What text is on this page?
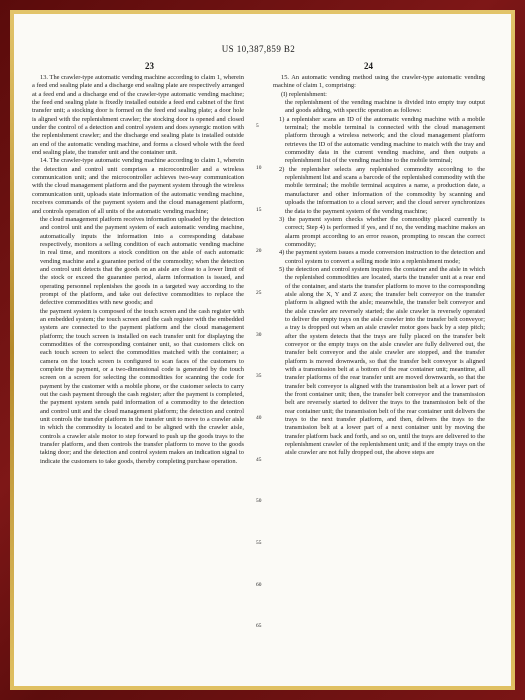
US 10,387,859 B2
23	24

13. The crawler-type automatic vending machine according to claim 1, wherein a feed end sealing plate and a discharge end sealing plate are respectively arranged at a feed end and a discharge end of the crawler-type automatic vending machine; the feed end sealing plate is fixedly installed outside a feed end cabinet of the first transfer unit; a stocking door is formed on the feed end sealing plate; a door hole is aligned with the replenishment crawler; the stocking door is opened and closed under the control of a detection and control system and does synergic motion with the replenishment crawler; and the discharge end sealing plate is installed outside an end of the automatic vending machine, and forms a closed whole with the feed end sealing plate, the transfer unit and the container unit.

14. The crawler-type automatic vending machine according to claim 1, wherein the detection and control unit comprises a microcontroller and a wireless communication unit; and the microcontroller achieves two-way communication with the cloud management platform and the payment system through the wireless communication unit, uploads state information of the automatic vending machine, receives commands of the payment system and the cloud management platform, and controls operation of all units of the automatic vending machine;

the cloud management platform receives information uploaded by the detection and control unit and the payment system of each automatic vending machine, automatically inputs the information into a corresponding database respectively, monitors a selling condition of each automatic vending machine in real time, and monitors a stock condition on the aisle of each automatic vending machine and a guarantee period of the commodity; when the detection and control unit detects that the goods on an aisle are close to a lower limit of the stock or exceed the guarantee period, alarm information is issued, and operating personnel replenishes the goods in a targeted way according to the prompt of the platform, and take out defective commodities to replace the defective commodities with new goods; and

the payment system is composed of the touch screen and the cash register with an embedded system; the touch screen and the cash register with the embedded system are connected to the payment platform and the cloud management platform; the touch screen is installed on each transfer unit for displaying the commodities of the corresponding container unit, so that customers click on each touch screen to select the commodities matched with the container; a camera on the touch screen is configured to scan faces of the customers to complete the payment, or a two-dimensional code is generated by the touch screen on a screen for selecting the commodities for scanning the code for payment by the customer with a mobile phone, or the customer selects to carry out the cash payment through the cash register; after the payment is completed, the payment system sends paid information of a commodity to the detection and control unit and the cloud management platform; the detection and control unit controls the transfer platform in the transfer unit to move to a crawler aisle in which the commodity is located and to be aligned with the crawler aisle, controls a crawler aisle motor to step forward to push up the goods trays to the transfer platform, and then controls the transfer platform to move to the goods taking door; and the detection and control system makes an indication signal to indicate the customers to take goods, thereby completing purchase operation.

5
10
15
20
25
30
35
40
45
50
55
60
65

15. An automatic vending method using the crawler-type automatic vending machine of claim 1, comprising:

(I) replenishment:

the replenishment of the vending machine is divided into empty tray output and goods adding, with specific operation as follows:

1) a replenisher scans an ID of the automatic vending machine with a mobile terminal; the mobile terminal is connected with the cloud management platform through a wireless network; and the cloud management platform retrieves the ID of the automatic vending machine to match with the tray and commodity data in the current vending machine, and then outputs a replenishment list of the vending machine to the mobile terminal;

2) the replenisher selects any replenished commodity according to the replenishment list and scans a barcode of the replenished commodity with the mobile terminal; the mobile terminal acquires a name, a production date, a manufacturer and other information of the commodity by scanning and uploads the information to a cloud server; and the cloud server synchronizes the data to the payment system of the vending machine;

3) the payment system checks whether the commodity placed currently is correct; Step 4) is performed if yes, and if no, the vending machine makes an alarm prompt according to an error reason, prompting to rescan the correct commodity;

4) the payment system issues a mode conversion instruction to the detection and control system to convert a selling mode into a replenishment mode;

5) the detection and control system inquires the container and the aisle in which the replenished commodities are located, starts the transfer unit at a rear end of the container, and starts the transfer platform to move to the corresponding aisle along the X, Y and Z axes; the transfer belt conveyor on the transfer platform is aligned with the aisle; meanwhile, the transfer belt conveyor and the aisle crawler are reversely started; the aisle crawler is reversely operated to deliver the empty trays on the aisle crawler into the transfer belt conveyor; a tray is dropped out when an aisle crawler motor goes back by a step pitch; after the system detects that the trays are fully placed on the transfer belt conveyor or the empty trays on the aisle crawler are fully delivered out, the transfer belt conveyor and the aisle crawler are stopped, and the transfer platform is moved downwards, so that the transfer belt conveyor is aligned with a transmission belt at a bottom of the rear container unit; meantime, all transfer platforms of the rear transfer unit are moved downwards, so that the transfer belt conveyor is aligned with the transmission belt at a lower part of the front container unit; then, the transfer belt conveyor and the transmission belt are reversely started to deliver the trays to the transmission belt of the rear container unit; the transmission belt of the rear container unit delivers the trays to the next transfer platform, and then, delivers the trays to the transmission belt at a lower part of a next container unit by moving the transfer platform back and forth, and so on, until the trays are delivered to the replenishment crawler of the replenishment unit; and if the empty trays on the aisle crawler are not fully dropped out, the above steps are
